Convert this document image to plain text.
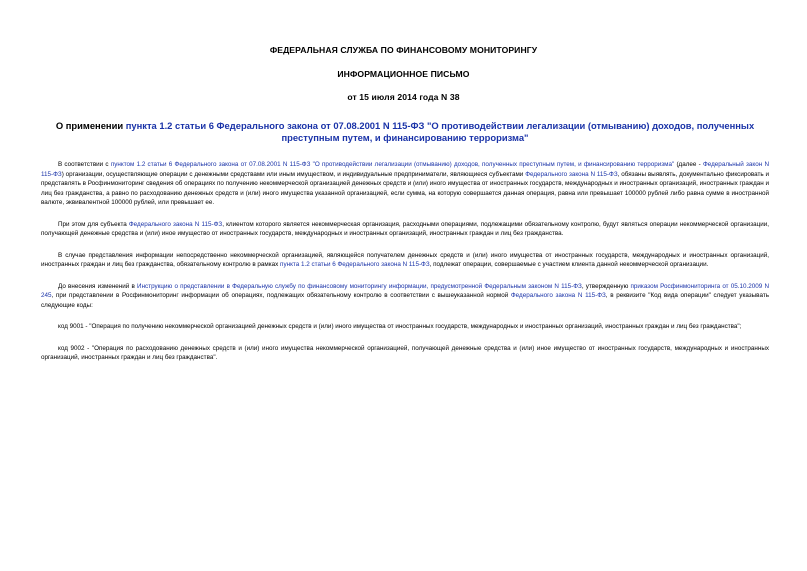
ФЕДЕРАЛЬНАЯ СЛУЖБА ПО ФИНАНСОВОМУ МОНИТОРИНГУ
ИНФОРМАЦИОННОЕ ПИСЬМО
от 15 июля 2014 года N 38
О применении пункта 1.2 статьи 6 Федерального закона от 07.08.2001 N 115-ФЗ "О противодействии легализации (отмыванию) доходов, полученных преступным путем, и финансированию терроризма"

В соответствии с пунктом 1.2 статьи 6 Федерального закона от 07.08.2001 N 115-ФЗ "О противодействии легализации (отмыванию) доходов, полученных преступным путем, и финансированию терроризма" (далее - Федеральный закон N 115-ФЗ) организации, осуществляющие операции с денежными средствами или иным имуществом, и индивидуальные предприниматели, являющиеся субъектами Федерального закона N 115-ФЗ, обязаны выявлять, документально фиксировать и представлять в Росфинмониторинг сведения об операциях по получению некоммерческой организацией денежных средств и (или) иного имущества от иностранных государств, международных и иностранных организаций, иностранных граждан и лиц без гражданства, а равно по расходованию денежных средств и (или) иного имущества указанной организацией, если сумма, на которую совершается данная операция, равна или превышает 100000 рублей либо равна сумме в иностранной валюте, эквивалентной 100000 рублей, или превышает ее.

При этом для субъекта Федерального закона N 115-ФЗ, клиентом которого является некоммерческая организация, расходными операциями, подлежащими обязательному контролю, будут являться операции некоммерческой организации, получающей денежные средства и (или) иное имущество от иностранных государств, международных и иностранных организаций, иностранных граждан и лиц без гражданства.

В случае представления информации непосредственно некоммерческой организацией, являющейся получателем денежных средств и (или) иного имущества от иностранных государств, международных и иностранных организаций, иностранных граждан и лиц без гражданства, обязательному контролю в рамках пункта 1.2 статьи 6 Федерального закона N 115-ФЗ, подлежат операции, совершаемые с участием клиента данной некоммерческой организации.

До внесения изменений в Инструкцию о представлении в Федеральную службу по финансовому мониторингу информации, предусмотренной Федеральным законом N 115-ФЗ, утвержденную приказом Росфинмониторинга от 05.10.2009 N 245, при представлении в Росфинмониторинг информации об операциях, подлежащих обязательному контролю в соответствии с вышеуказанной нормой Федерального закона N 115-ФЗ, в реквизите "Код вида операции" следует указывать следующие коды:

код 9001 - "Операция по получению некоммерческой организацией денежных средств и (или) иного имущества от иностранных государств, международных и иностранных организаций, иностранных граждан и лиц без гражданства";

код 9002 - "Операция по расходованию денежных средств и (или) иного имущества некоммерческой организацией, получающей денежные средства и (или) иное имущество от иностранных государств, международных и иностранных организаций, иностранных граждан и лиц без гражданства".
